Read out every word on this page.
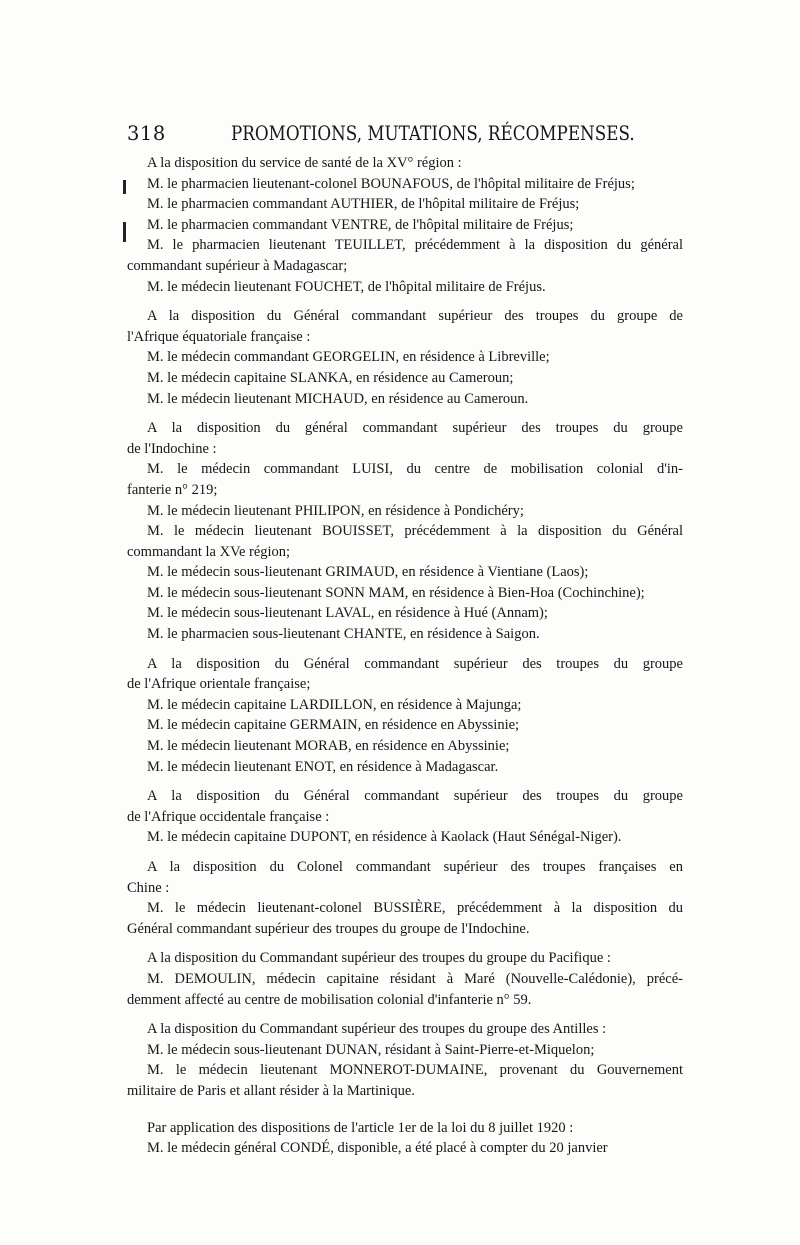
318	PROMOTIONS, MUTATIONS, RÉCOMPENSES.
A la disposition du service de santé de la XV° région :
M. le pharmacien lieutenant-colonel BOUNAFOUS, de l'hôpital militaire de Fréjus;
M. le pharmacien commandant AUTHIER, de l'hôpital militaire de Fréjus;
M. le pharmacien commandant VENTRE, de l'hôpital militaire de Fréjus;
M. le pharmacien lieutenant TEUILLET, précédemment à la disposition du général
commandant supérieur à Madagascar;
M. le médecin lieutenant FOUCHET, de l'hôpital militaire de Fréjus.
A la disposition du Général commandant supérieur des troupes du groupe de
l'Afrique équatoriale française :
M. le médecin commandant GEORGELIN, en résidence à Libreville;
M. le médecin capitaine SLANKA, en résidence au Cameroun;
M. le médecin lieutenant MICHAUD, en résidence au Cameroun.
A la disposition du général commandant supérieur des troupes du groupe
de l'Indochine :
M. le médecin commandant LUISI, du centre de mobilisation colonial d'in-
fanterie n° 219;
M. le médecin lieutenant PHILIPON, en résidence à Pondichéry;
M. le médecin lieutenant BOUISSET, précédemment à la disposition du Général
commandant la XVe région;
M. le médecin sous-lieutenant GRIMAUD, en résidence à Vientiane (Laos);
M. le médecin sous-lieutenant SONN MAM, en résidence à Bien-Hoa (Cochinchine);
M. le médecin sous-lieutenant LAVAL, en résidence à Hué (Annam);
M. le pharmacien sous-lieutenant CHANTE, en résidence à Saigon.
A la disposition du Général commandant supérieur des troupes du groupe
de l'Afrique orientale française;
M. le médecin capitaine LARDILLON, en résidence à Majunga;
M. le médecin capitaine GERMAIN, en résidence en Abyssinie;
M. le médecin lieutenant MORAB, en résidence en Abyssinie;
M. le médecin lieutenant ENOT, en résidence à Madagascar.
A la disposition du Général commandant supérieur des troupes du groupe
de l'Afrique occidentale française :
M. le médecin capitaine DUPONT, en résidence à Kaolack (Haut Sénégal-Niger).
A la disposition du Colonel commandant supérieur des troupes françaises en
Chine :
M. le médecin lieutenant-colonel BUSSIÈRE, précédemment à la disposition du
Général commandant supérieur des troupes du groupe de l'Indochine.
A la disposition du Commandant supérieur des troupes du groupe du Pacifique :
M. DEMOULIN, médecin capitaine résidant à Maré (Nouvelle-Calédonie), précé-
demment affecté au centre de mobilisation colonial d'infanterie n° 59.
A la disposition du Commandant supérieur des troupes du groupe des Antilles :
M. le médecin sous-lieutenant DUNAN, résidant à Saint-Pierre-et-Miquelon;
M. le médecin lieutenant MONNEROT-DUMAINE, provenant du Gouvernement
militaire de Paris et allant résider à la Martinique.
Par application des dispositions de l'article 1er de la loi du 8 juillet 1920 :
M. le médecin général CONDÉ, disponible, a été placé à compter du 20 janvier
